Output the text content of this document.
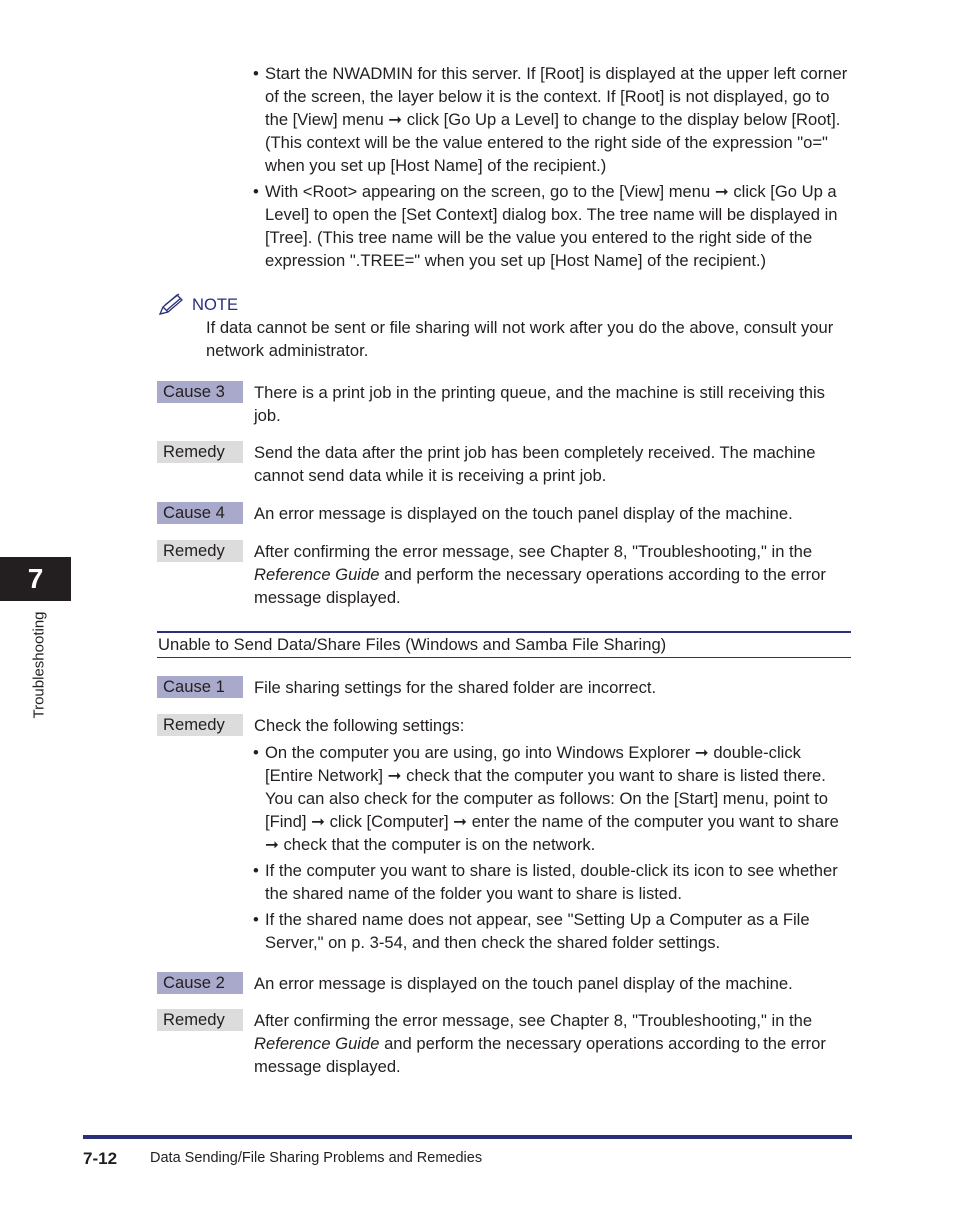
• Start the NWADMIN for this server. If [Root] is displayed at the upper left corner of the screen, the layer below it is the context. If [Root] is not displayed, go to the [View] menu ➞ click [Go Up a Level] to change to the display below [Root]. (This context will be the value entered to the right side of the expression "o=" when you set up [Host Name] of the recipient.)
• With <Root> appearing on the screen, go to the [View] menu ➞ click [Go Up a Level] to open the [Set Context] dialog box. The tree name will be displayed in [Tree]. (This tree name will be the value you entered to the right side of the expression ".TREE=" when you set up [Host Name] of the recipient.)
NOTE
If data cannot be sent or file sharing will not work after you do the above, consult your network administrator.
Cause 3	There is a print job in the printing queue, and the machine is still receiving this job.
Remedy	Send the data after the print job has been completely received. The machine cannot send data while it is receiving a print job.
Cause 4	An error message is displayed on the touch panel display of the machine.
Remedy	After confirming the error message, see Chapter 8, "Troubleshooting," in the Reference Guide and perform the necessary operations according to the error message displayed.
Unable to Send Data/Share Files (Windows and Samba File Sharing)
Cause 1	File sharing settings for the shared folder are incorrect.
Remedy	Check the following settings:
• On the computer you are using, go into Windows Explorer ➞ double-click [Entire Network] ➞ check that the computer you want to share is listed there. You can also check for the computer as follows: On the [Start] menu, point to [Find] ➞ click [Computer] ➞ enter the name of the computer you want to share ➞ check that the computer is on the network.
• If the computer you want to share is listed, double-click its icon to see whether the shared name of the folder you want to share is listed.
• If the shared name does not appear, see "Setting Up a Computer as a File Server," on p. 3-54, and then check the shared folder settings.
Cause 2	An error message is displayed on the touch panel display of the machine.
Remedy	After confirming the error message, see Chapter 8, "Troubleshooting," in the Reference Guide and perform the necessary operations according to the error message displayed.
7
Troubleshooting
7-12 Data Sending/File Sharing Problems and Remedies
